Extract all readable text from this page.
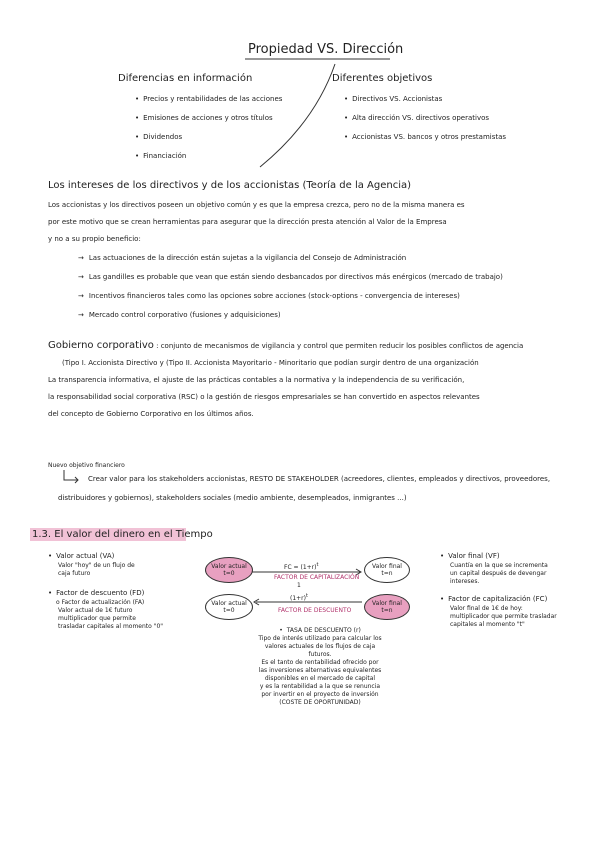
Propiedad VS. Dirección
Diferencias en información
• Precios y rentabilidades de las acciones
• Emisiones de acciones y otros títulos
• Dividendos
• Financiación
Diferentes objetivos
• Directivos VS. Accionistas
• Alta dirección VS. directivos operativos
• Accionistas VS. bancos y otros prestamistas
Los intereses de los directivos y de los accionistas (Teoría de la Agencia)
Los accionistas y los directivos poseen un objetivo común y es que la empresa crezca, pero no de la misma manera es
por este motivo que se crean herramientas para asegurar que la dirección presta atención al Valor de la Empresa
y no a su propio beneficio:
→ Las actuaciones de la dirección están sujetas a la vigilancia del Consejo de Administración
→ Las gandilles es probable que vean que están siendo desbancados por directivos más enérgicos (mercado de trabajo)
→ Incentivos financieros tales como las opciones sobre acciones (stock-options - convergencia de intereses)
→ Mercado control corporativo (fusiones y adquisiciones)
Gobierno corporativo : conjunto de mecanismos de vigilancia y control que permiten reducir los posibles conflictos de agencia
(Tipo I. Accionista Directivo y (Tipo II. Accionista Mayoritario - Minoritario que podían surgir dentro de una organización
La transparencia informativa, el ajuste de las prácticas contables a la normativa y la independencia de su verificación,
la responsabilidad social corporativa (RSC) o la gestión de riesgos empresariales se han convertido en aspectos relevantes
del concepto de Gobierno Corporativo en los últimos años.
Nuevo objetivo financiero
Crear valor para los stakeholders accionistas, RESTO DE STAKEHOLDER (acreedores, clientes, empleados y directivos, proveedores,
distribuidores y gobiernos), stakeholders sociales (medio ambiente, desempleados, inmigrantes ...)
1.3. El valor del dinero en el Tiempo
• Valor actual (VA)
Valor "hoy" de un flujo de
caja futuro
• Factor de descuento (FD)
o Factor de actualización (FA)
Valor actual de 1€ futuro
multiplicador que permite
trasladar capitales al momento "0"
Valor actual
t=0
Valor final
t=n
Valor actual
t=0
Valor final
t=n
FC = $(1+r)^t$
FACTOR DE CAPITALIZACIÓN
1
$(1+r)^t$
FACTOR DE DESCUENTO
• Valor final (VF)
Cuantía en la que se incrementa
un capital después de devengar
intereses.
• Factor de capitalización (FC)
Valor final de 1€ de hoy:
multiplicador que permite trasladar
capitales al momento "t"
• TASA DE DESCUENTO (r)
Tipo de interés utilizado para calcular los
valores actuales de los flujos de caja
futuros.
Es el tanto de rentabilidad ofrecido por
las inversiones alternativas equivalentes
disponibles en el mercado de capital
y es la rentabilidad a la que se renuncia
por invertir en el proyecto de inversión
(COSTE DE OPORTUNIDAD)
